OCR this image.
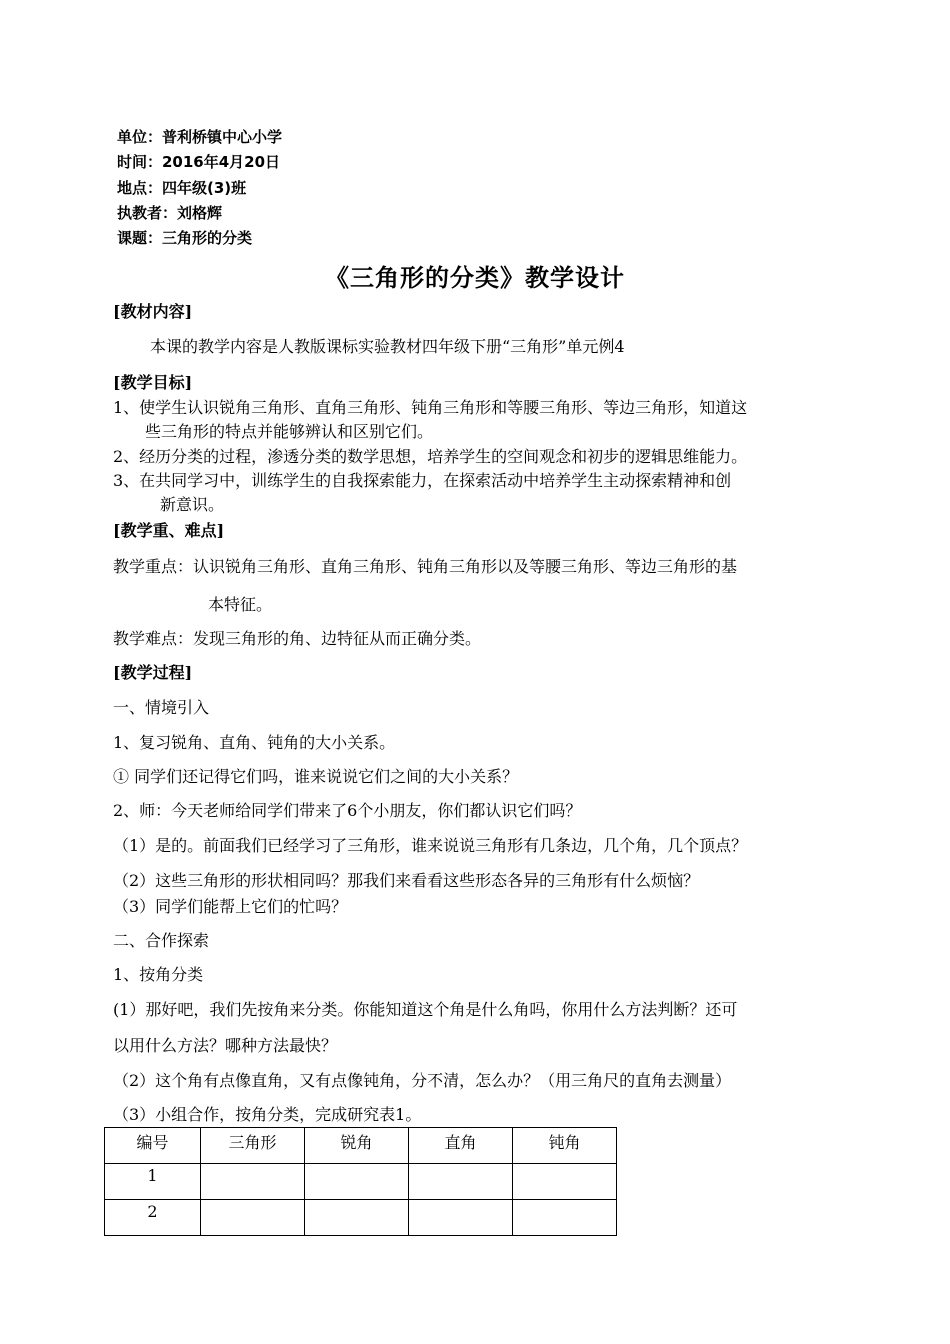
单位：普利桥镇中心小学
时间：2016年4月20日
地点：四年级(3)班
执教者：刘格辉
课题：三角形的分类
《三角形的分类》教学设计
[教材内容]
本课的教学内容是人教版课标实验教材四年级下册“三角形”单元例4
[教学目标]
1、使学生认识锐角三角形、直角三角形、钝角三角形和等腰三角形、等边三角形，知道这
些三角形的特点并能够辨认和区别它们。
2、经历分类的过程，渗透分类的数学思想，培养学生的空间观念和初步的逻辑思维能力。
3、在共同学习中，训练学生的自我探索能力，在探索活动中培养学生主动探索精神和创
新意识。
[教学重、难点]
教学重点：认识锐角三角形、直角三角形、钝角三角形以及等腰三角形、等边三角形的基
本特征。
教学难点：发现三角形的角、边特征从而正确分类。
[教学过程]
一、情境引入
1、复习锐角、直角、钝角的大小关系。
① 同学们还记得它们吗，谁来说说它们之间的大小关系？
2、师：今天老师给同学们带来了6个小朋友，你们都认识它们吗？
（1）是的。前面我们已经学习了三角形，谁来说说三角形有几条边，几个角，几个顶点？
（2）这些三角形的形状相同吗？那我们来看看这些形态各异的三角形有什么烦恼？
（3）同学们能帮上它们的忙吗？
二、合作探索
1、按角分类
(1）那好吧，我们先按角来分类。你能知道这个角是什么角吗，你用什么方法判断？还可
以用什么方法？哪种方法最快？
（2）这个角有点像直角，又有点像钝角，分不清，怎么办？（用三角尺的直角去测量）
（3）小组合作，按角分类，完成研究表1。
编号	三角形	锐角	直角	钝角
1				
2				
